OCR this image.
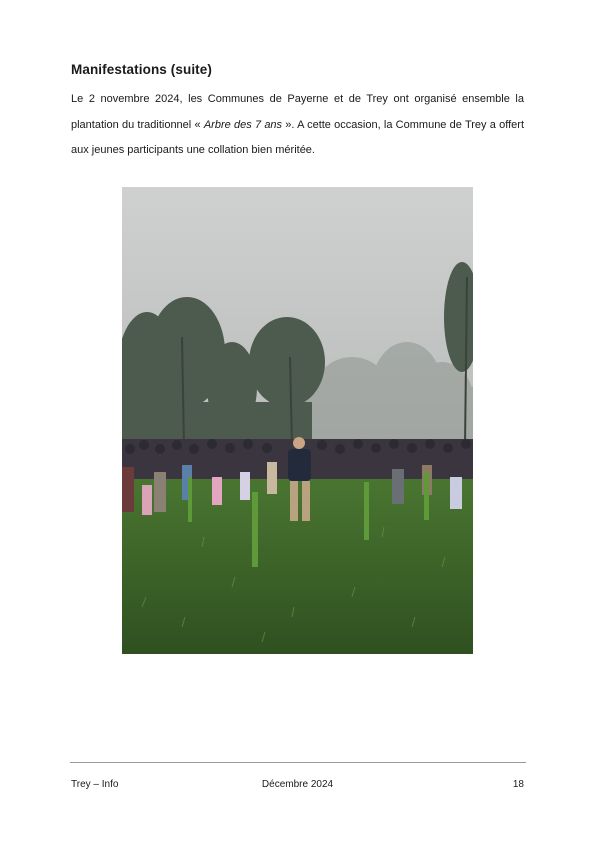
Manifestations (suite)

Le 2 novembre 2024, les Communes de Payerne et de Trey ont organisé ensemble la plantation du traditionnel « Arbre des 7 ans ». A cette occasion, la Commune de Trey a offert aux jeunes participants une collation bien méritée.

Trey – Info	Décembre 2024	18
